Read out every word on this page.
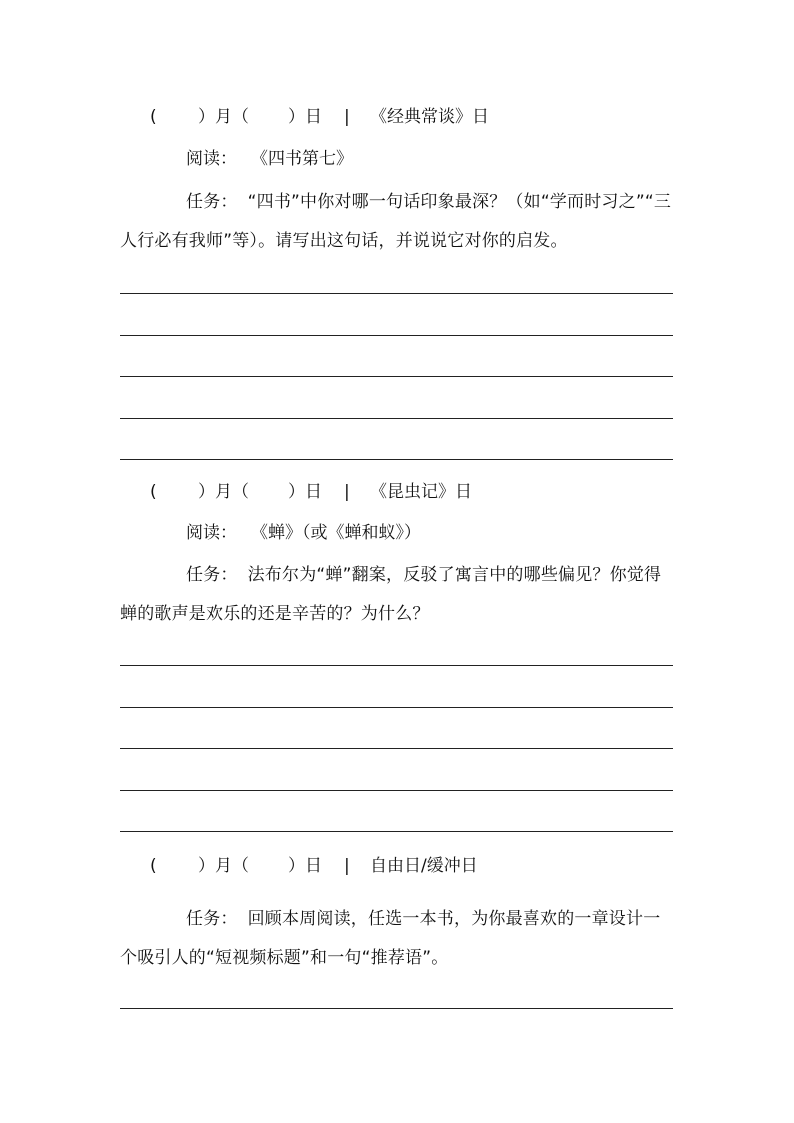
( ）月（ ）日 | 《经典常谈》日
阅读： 《四书第七》
任务： “四书”中你对哪一句话印象最深？（如“学而时习之”“三人行必有我师”等）。请写出这句话，并说说它对你的启发。
( ）月（ ）日 | 《昆虫记》日
阅读： 《蝉》（或《蝉和蚁》）
任务： 法布尔为“蝉”翻案，反驳了寓言中的哪些偏见？你觉得蝉的歌声是欢乐的还是辛苦的？为什么？
( ）月（ ）日 | 自由日/缓冲日
任务： 回顾本周阅读，任选一本书，为你最喜欢的一章设计一个吸引人的“短视频标题”和一句“推荐语”。
